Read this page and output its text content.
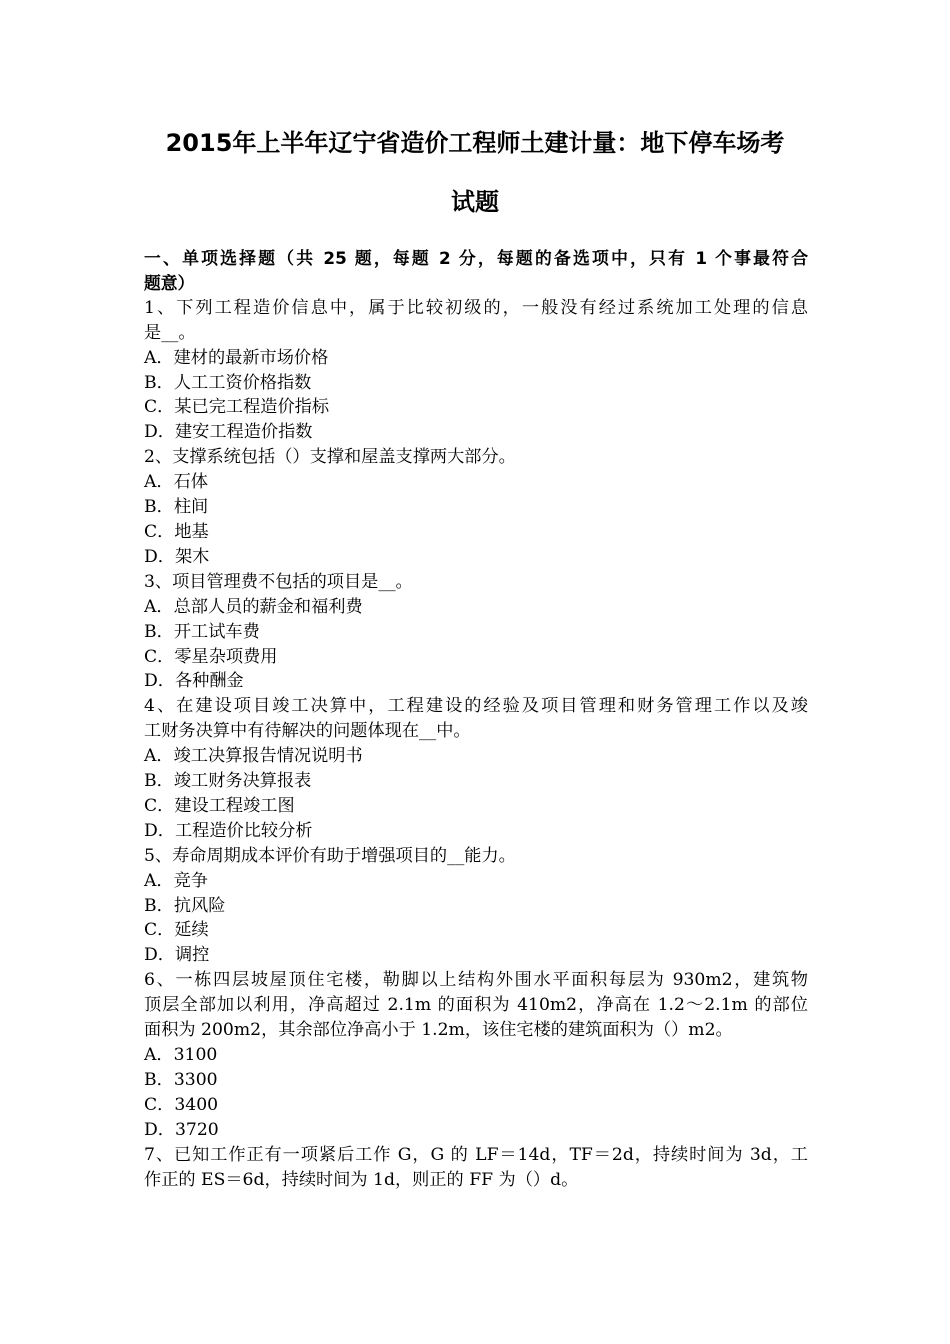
2015年上半年辽宁省造价工程师土建计量：地下停车场考
试题
一、单项选择题（共 25 题，每题 2 分，每题的备选项中，只有 1 个事最符合
题意）
1、下列工程造价信息中，属于比较初级的，一般没有经过系统加工处理的信息
是__。
A．建材的最新市场价格
B．人工工资价格指数
C．某已完工程造价指标
D．建安工程造价指数
2、支撑系统包括（）支撑和屋盖支撑两大部分。
A．石体
B．柱间
C．地基
D．架木
3、项目管理费不包括的项目是__。
A．总部人员的薪金和福利费
B．开工试车费
C．零星杂项费用
D．各种酬金
4、在建设项目竣工决算中，工程建设的经验及项目管理和财务管理工作以及竣
工财务决算中有待解决的问题体现在__中。
A．竣工决算报告情况说明书
B．竣工财务决算报表
C．建设工程竣工图
D．工程造价比较分析
5、寿命周期成本评价有助于增强项目的__能力。
A．竞争
B．抗风险
C．延续
D．调控
6、一栋四层坡屋顶住宅楼，勒脚以上结构外围水平面积每层为 930m2，建筑物
顶层全部加以利用，净高超过 2.1m 的面积为 410m2，净高在 1.2～2.1m 的部位
面积为 200m2，其余部位净高小于 1.2m，该住宅楼的建筑面积为（）m2。
A．3100
B．3300
C．3400
D．3720
7、已知工作正有一项紧后工作 G，G 的 LF＝14d，TF＝2d，持续时间为 3d，工
作正的 ES＝6d，持续时间为 1d，则正的 FF 为（）d。
